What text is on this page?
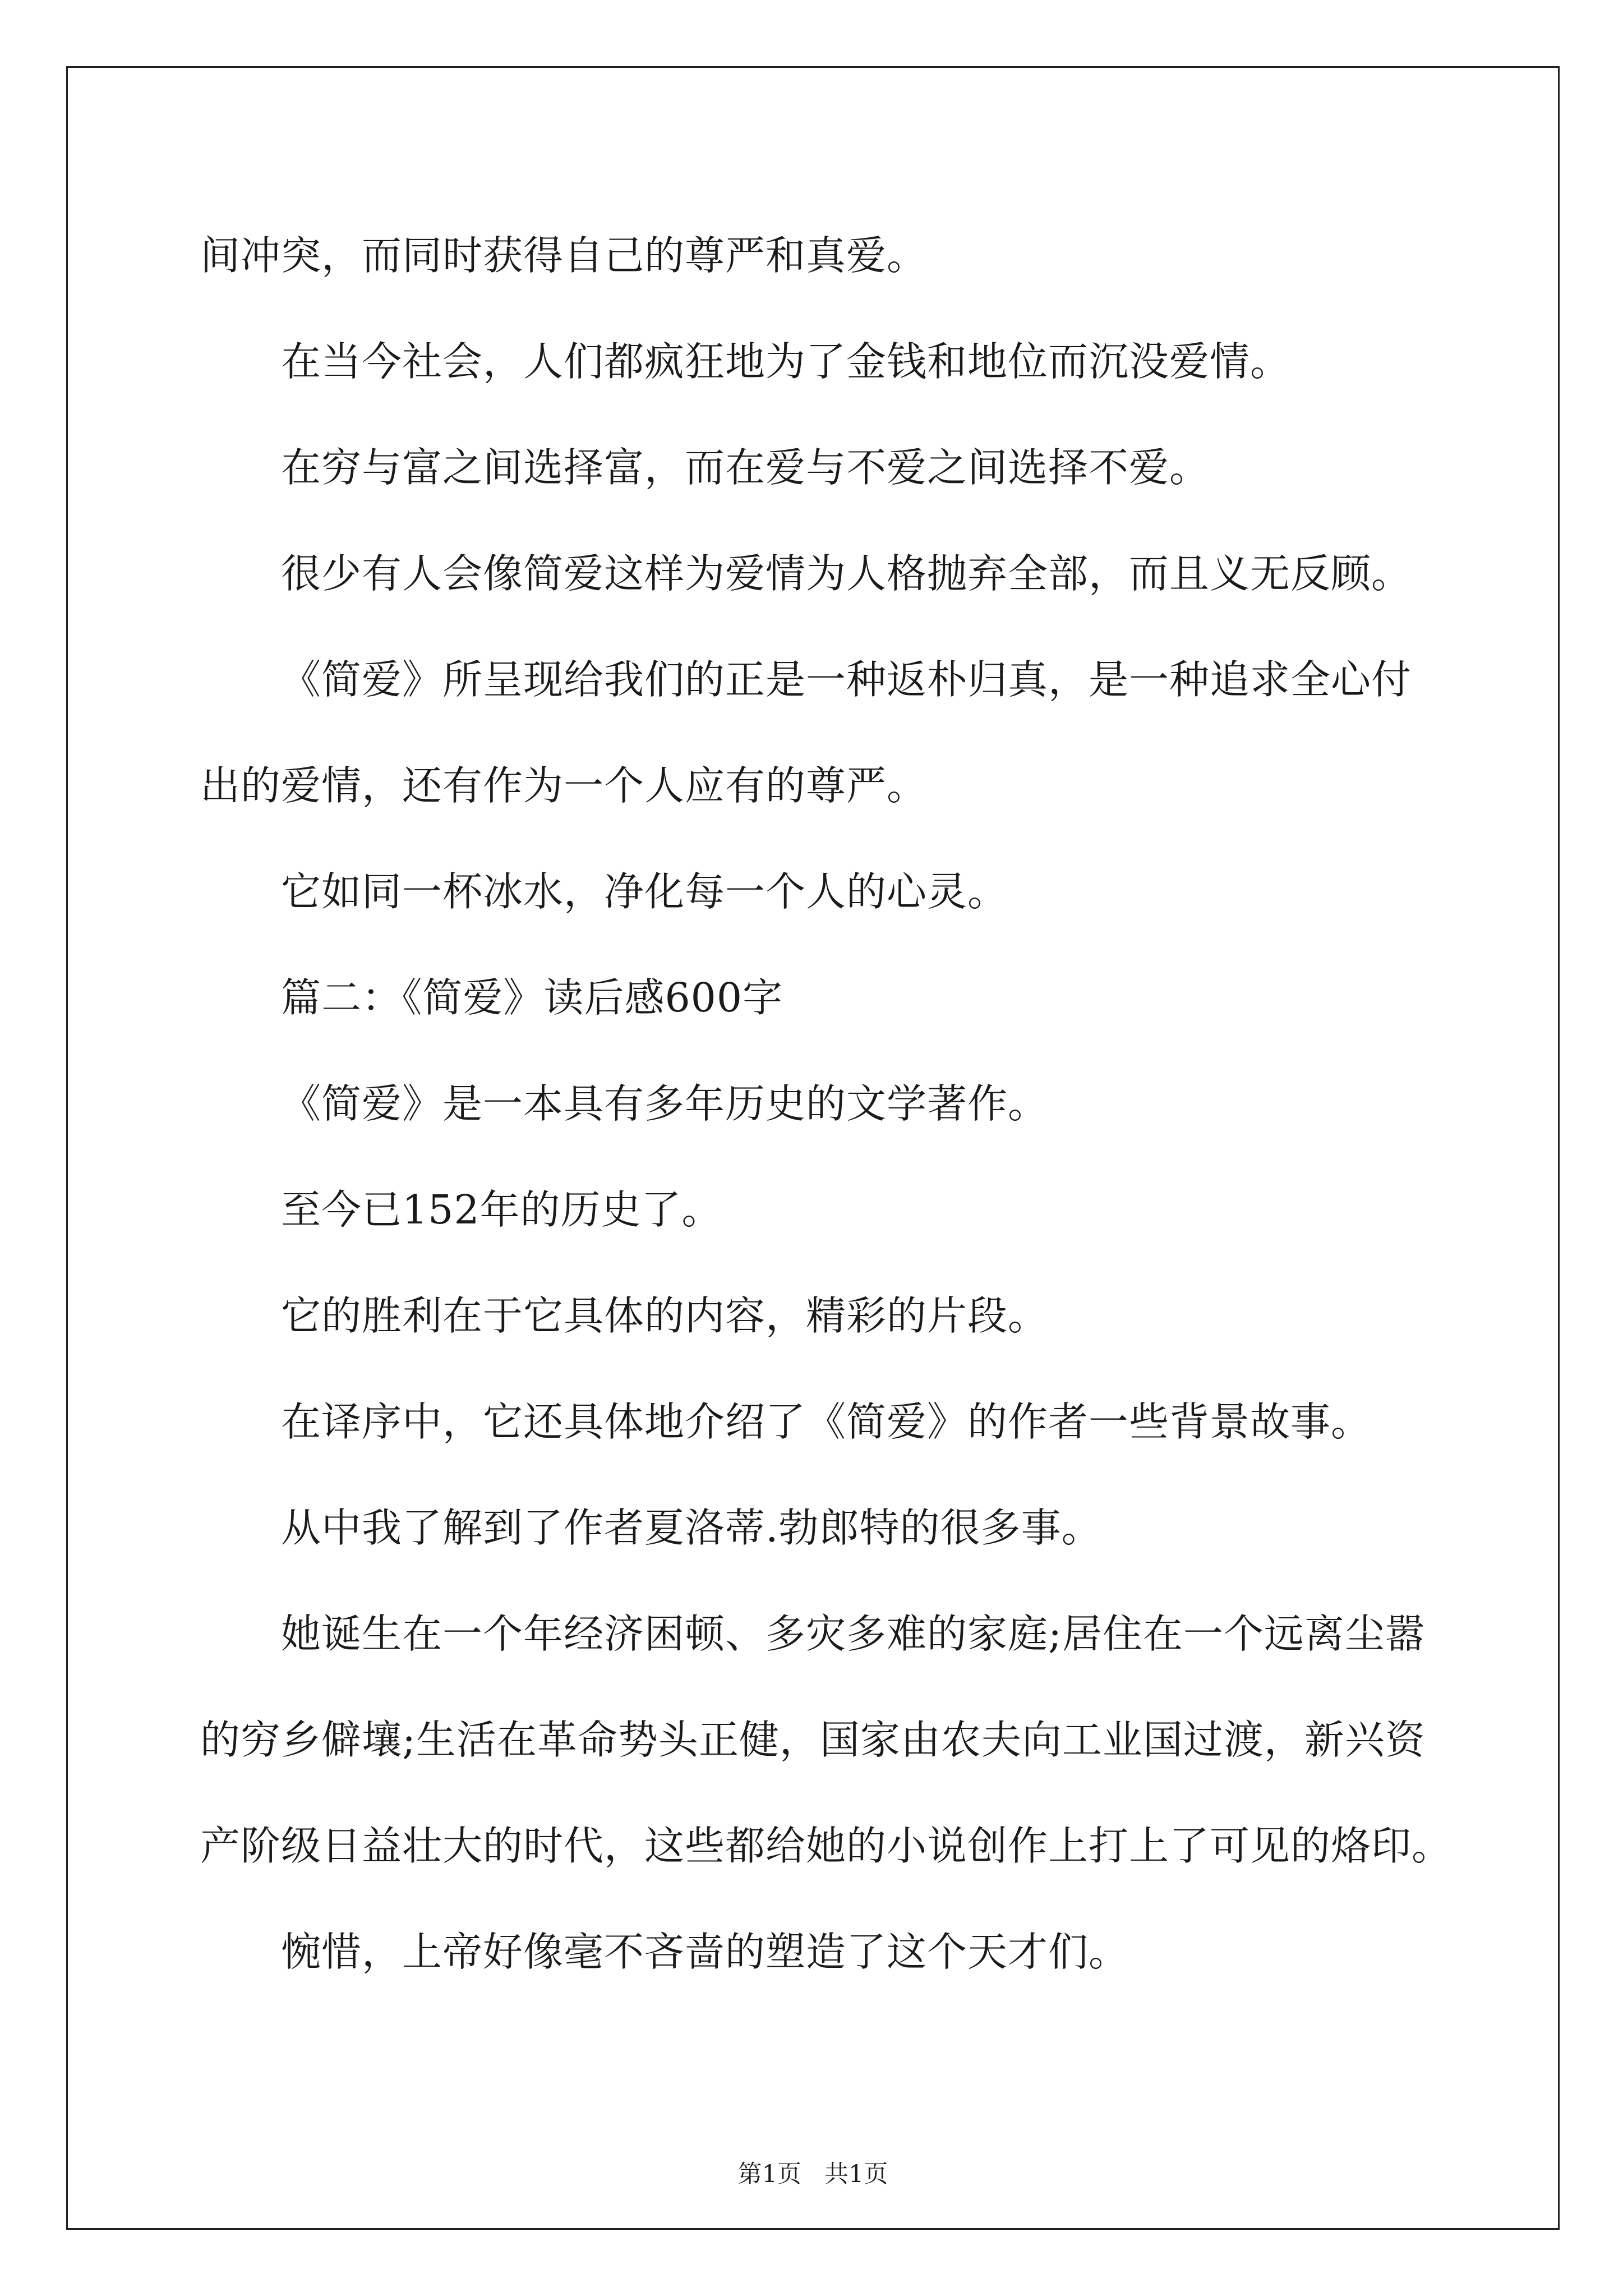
间冲突，而同时获得自己的尊严和真爱。
在当今社会，人们都疯狂地为了金钱和地位而沉没爱情。
在穷与富之间选择富，而在爱与不爱之间选择不爱。
很少有人会像简爱这样为爱情为人格抛弃全部，而且义无反顾。
《简爱》所呈现给我们的正是一种返朴归真，是一种追求全心付
出的爱情，还有作为一个人应有的尊严。
它如同一杯冰水，净化每一个人的心灵。
篇二：《简爱》读后感600字
《简爱》是一本具有多年历史的文学著作。
至今已152年的历史了。
它的胜利在于它具体的内容，精彩的片段。
在译序中，它还具体地介绍了《简爱》的作者一些背景故事。
从中我了解到了作者夏洛蒂.勃郎特的很多事。
她诞生在一个年经济困顿、多灾多难的家庭;居住在一个远离尘嚣
的穷乡僻壤;生活在革命势头正健，国家由农夫向工业国过渡，新兴资
产阶级日益壮大的时代，这些都给她的小说创作上打上了可见的烙印。
惋惜，上帝好像毫不吝啬的塑造了这个天才们。
第1页   共1页
